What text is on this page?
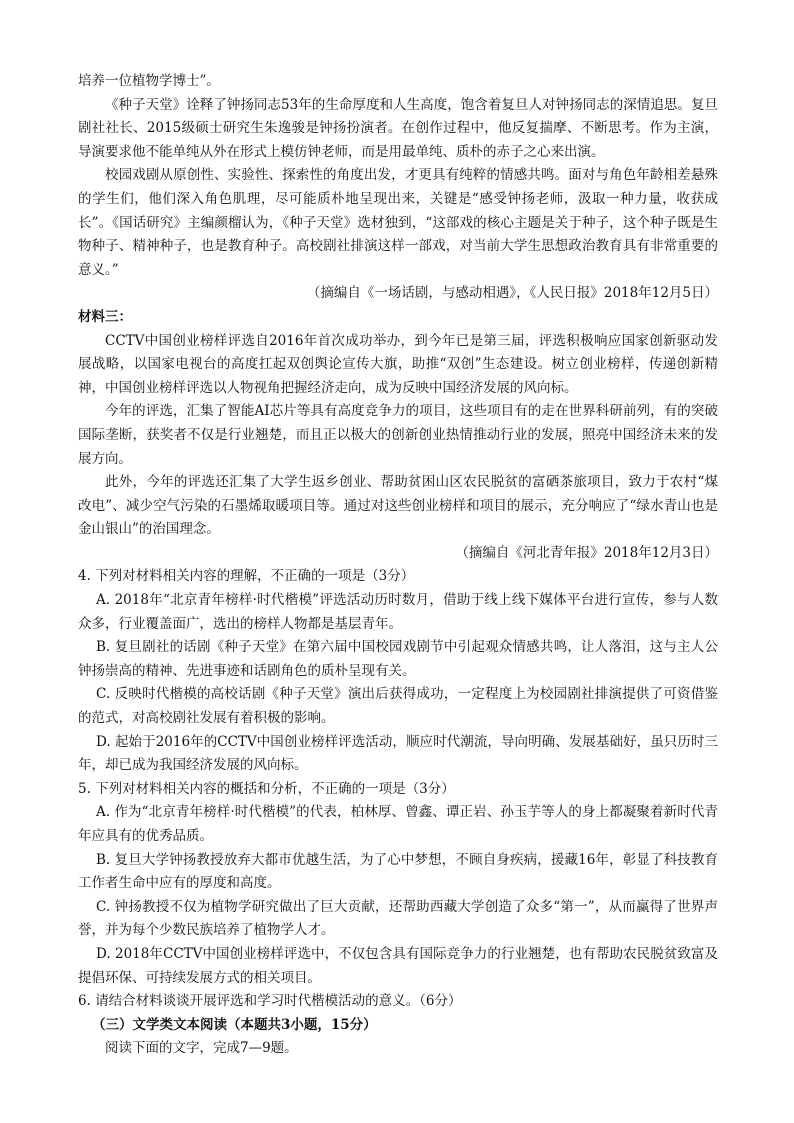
培养一位植物学博士”。

《种子天堂》诠释了钟扬同志53年的生命厚度和人生高度，饱含着复旦人对钟扬同志的深情追思。复旦剧社社长、2015级硕士研究生朱逸骏是钟扬扮演者。在创作过程中，他反复揣摩、不断思考。作为主演，导演要求他不能单纯从外在形式上模仿钟老师，而是用最单纯、质朴的赤子之心来出演。

校园戏剧从原创性、实验性、探索性的角度出发，才更具有纯粹的情感共鸣。面对与角色年龄相差悬殊的学生们，他们深入角色肌理，尽可能质朴地呈现出来，关键是“感受钟扬老师，汲取一种力量，收获成长”。《国话研究》主编颜榴认为，《种子天堂》选材独到，“这部戏的核心主题是关于种子，这个种子既是生物种子、精神种子，也是教育种子。高校剧社排演这样一部戏，对当前大学生思想政治教育具有非常重要的意义。”

（摘编自《一场话剧，与感动相遇》，《人民日报》2018年12月5日）

材料三：

CCTV中国创业榜样评选自2016年首次成功举办，到今年已是第三届，评选积极响应国家创新驱动发展战略，以国家电视台的高度扛起双创舆论宣传大旗，助推“双创”生态建设。树立创业榜样，传递创新精神，中国创业榜样评选以人物视角把握经济走向，成为反映中国经济发展的风向标。

今年的评选，汇集了智能AI芯片等具有高度竞争力的项目，这些项目有的走在世界科研前列，有的突破国际垄断，获奖者不仅是行业翘楚，而且正以极大的创新创业热情推动行业的发展，照亮中国经济未来的发展方向。

此外，今年的评选还汇集了大学生返乡创业、帮助贫困山区农民脱贫的富硒茶旅项目，致力于农村“煤改电”、减少空气污染的石墨烯取暖项目等。通过对这些创业榜样和项目的展示，充分响应了“绿水青山也是金山银山”的治国理念。

（摘编自《河北青年报》2018年12月3日）

4. 下列对材料相关内容的理解，不正确的一项是（3分）

A. 2018年“北京青年榜样·时代楷模”评选活动历时数月，借助于线上线下媒体平台进行宣传，参与人数众多，行业覆盖面广，选出的榜样人物都是基层青年。

B. 复旦剧社的话剧《种子天堂》在第六届中国校园戏剧节中引起观众情感共鸣，让人落泪，这与主人公钟扬崇高的精神、先进事迹和话剧角色的质朴呈现有关。

C. 反映时代楷模的高校话剧《种子天堂》演出后获得成功，一定程度上为校园剧社排演提供了可资借鉴的范式，对高校剧社发展有着积极的影响。

D. 起始于2016年的CCTV中国创业榜样评选活动，顺应时代潮流，导向明确、发展基础好，虽只历时三年，却已成为我国经济发展的风向标。

5. 下列对材料相关内容的概括和分析，不正确的一项是（3分）

A. 作为“北京青年榜样·时代楷模”的代表，柏林厚、曾鑫、谭正岩、孙玉芋等人的身上都凝聚着新时代青年应具有的优秀品质。

B. 复旦大学钟扬教授放弃大都市优越生活，为了心中梦想，不顾自身疾病，援藏16年，彰显了科技教育工作者生命中应有的厚度和高度。

C. 钟扬教授不仅为植物学研究做出了巨大贡献，还帮助西藏大学创造了众多“第一”，从而赢得了世界声誉，并为每个少数民族培养了植物学人才。

D. 2018年CCTV中国创业榜样评选中，不仅包含具有国际竞争力的行业翘楚，也有帮助农民脱贫致富及提倡环保、可持续发展方式的相关项目。

6. 请结合材料谈谈开展评选和学习时代楷模活动的意义。（6分）

（三）文学类文本阅读（本题共3小题，15分）

阅读下面的文字，完成7—9题。
